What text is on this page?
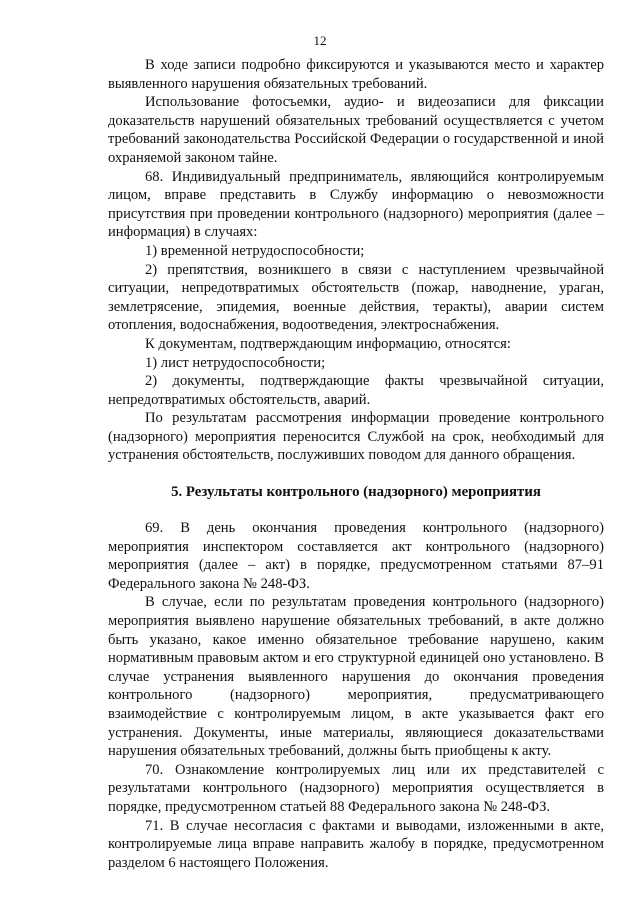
12

В ходе записи подробно фиксируются и указываются место и характер выявленного нарушения обязательных требований.

Использование фотосъемки, аудио- и видеозаписи для фиксации доказательств нарушений обязательных требований осуществляется с учетом требований законодательства Российской Федерации о государственной и иной охраняемой законом тайне.

68. Индивидуальный предприниматель, являющийся контролируемым лицом, вправе представить в Службу информацию о невозможности присутствия при проведении контрольного (надзорного) мероприятия (далее – информация) в случаях:

1) временной нетрудоспособности;

2) препятствия, возникшего в связи с наступлением чрезвычайной ситуации, непредотвратимых обстоятельств (пожар, наводнение, ураган, землетрясение, эпидемия, военные действия, теракты), аварии систем отопления, водоснабжения, водоотведения, электроснабжения.

К документам, подтверждающим информацию, относятся:

1) лист нетрудоспособности;

2) документы, подтверждающие факты чрезвычайной ситуации, непредотвратимых обстоятельств, аварий.

По результатам рассмотрения информации проведение контрольного (надзорного) мероприятия переносится Службой на срок, необходимый для устранения обстоятельств, послуживших поводом для данного обращения.

5. Результаты контрольного (надзорного) мероприятия

69. В день окончания проведения контрольного (надзорного) мероприятия инспектором составляется акт контрольного (надзорного) мероприятия (далее – акт) в порядке, предусмотренном статьями 87–91 Федерального закона № 248-ФЗ.

В случае, если по результатам проведения контрольного (надзорного) мероприятия выявлено нарушение обязательных требований, в акте должно быть указано, какое именно обязательное требование нарушено, каким нормативным правовым актом и его структурной единицей оно установлено. В случае устранения выявленного нарушения до окончания проведения контрольного (надзорного) мероприятия, предусматривающего взаимодействие с контролируемым лицом, в акте указывается факт его устранения. Документы, иные материалы, являющиеся доказательствами нарушения обязательных требований, должны быть приобщены к акту.

70. Ознакомление контролируемых лиц или их представителей с результатами контрольного (надзорного) мероприятия осуществляется в порядке, предусмотренном статьей 88 Федерального закона № 248-ФЗ.

71. В случае несогласия с фактами и выводами, изложенными в акте, контролируемые лица вправе направить жалобу в порядке, предусмотренном разделом 6 настоящего Положения.
